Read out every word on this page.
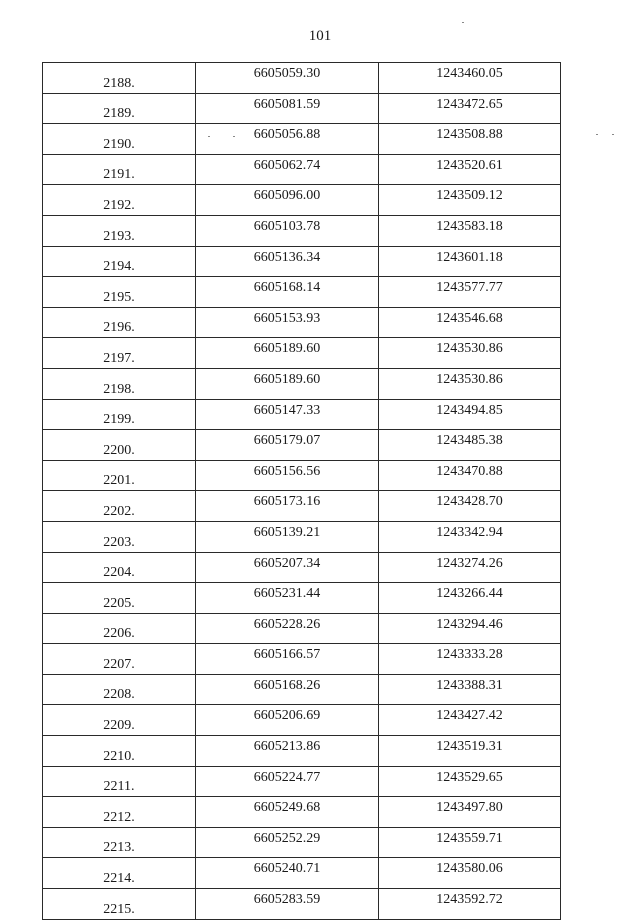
101
2188.	6605059.30	1243460.05
2189.	6605081.59	1243472.65
2190.	6605056.88	1243508.88
2191.	6605062.74	1243520.61
2192.	6605096.00	1243509.12
2193.	6605103.78	1243583.18
2194.	6605136.34	1243601.18
2195.	6605168.14	1243577.77
2196.	6605153.93	1243546.68
2197.	6605189.60	1243530.86
2198.	6605189.60	1243530.86
2199.	6605147.33	1243494.85
2200.	6605179.07	1243485.38
2201.	6605156.56	1243470.88
2202.	6605173.16	1243428.70
2203.	6605139.21	1243342.94
2204.	6605207.34	1243274.26
2205.	6605231.44	1243266.44
2206.	6605228.26	1243294.46
2207.	6605166.57	1243333.28
2208.	6605168.26	1243388.31
2209.	6605206.69	1243427.42
2210.	6605213.86	1243519.31
2211.	6605224.77	1243529.65
2212.	6605249.68	1243497.80
2213.	6605252.29	1243559.71
2214.	6605240.71	1243580.06
2215.	6605283.59	1243592.72
